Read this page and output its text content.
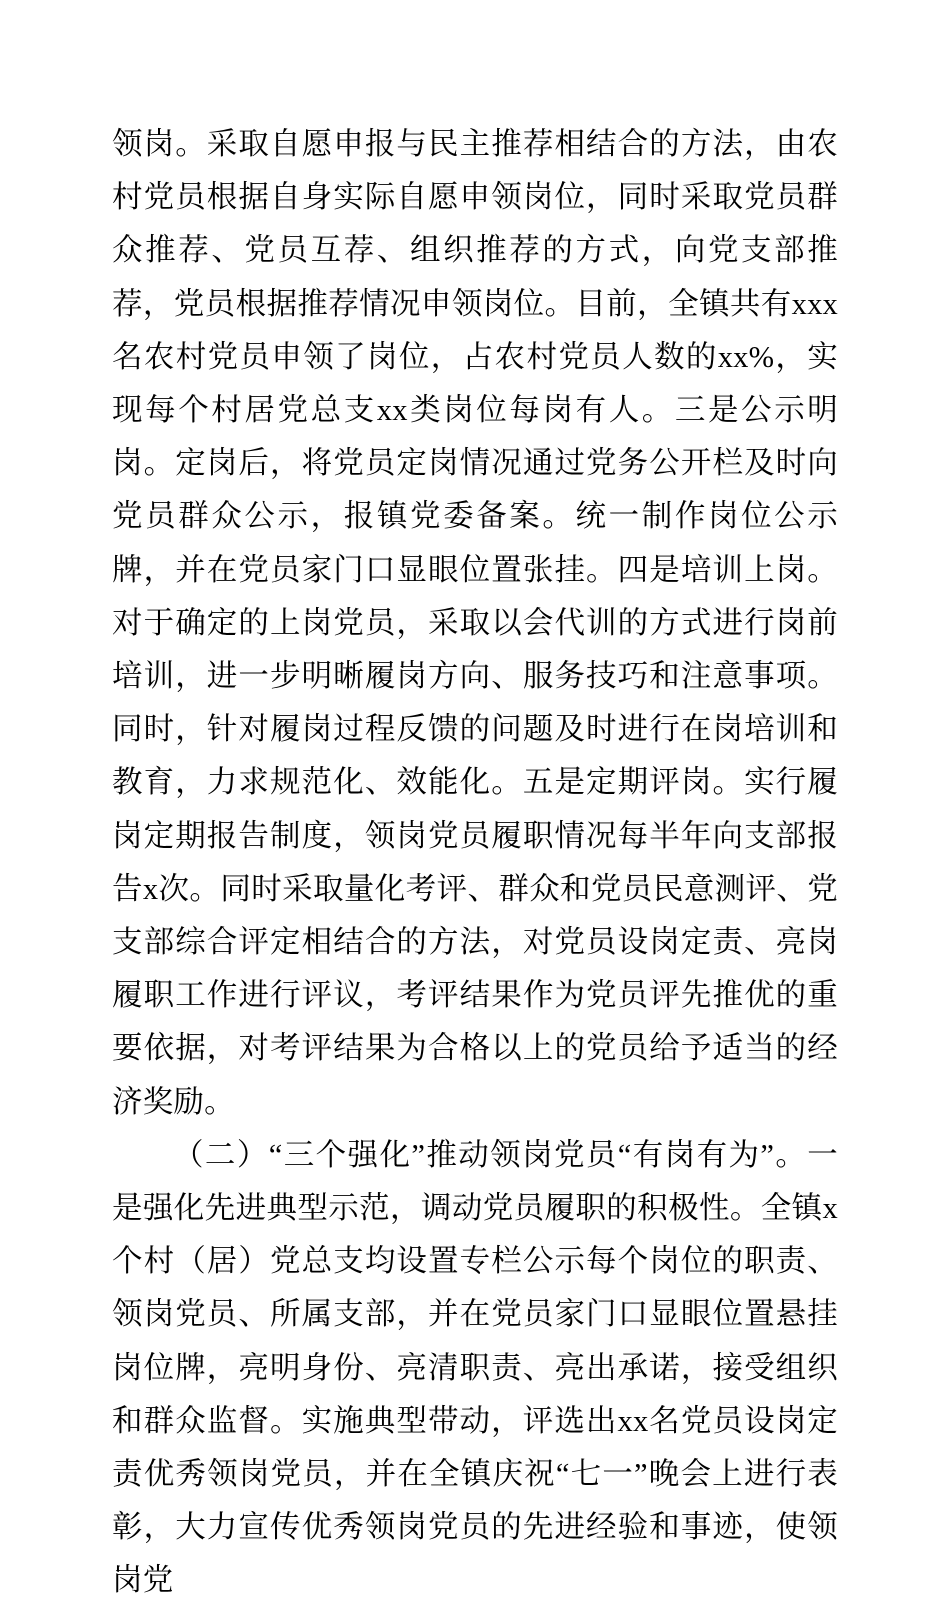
领岗。采取自愿申报与民主推荐相结合的方法，由农村党员根据自身实际自愿申领岗位，同时采取党员群众推荐、党员互荐、组织推荐的方式，向党支部推荐，党员根据推荐情况申领岗位。目前，全镇共有xxx名农村党员申领了岗位，占农村党员人数的xx%，实现每个村居党总支xx类岗位每岗有人。三是公示明岗。定岗后，将党员定岗情况通过党务公开栏及时向党员群众公示，报镇党委备案。统一制作岗位公示牌，并在党员家门口显眼位置张挂。四是培训上岗。对于确定的上岗党员，采取以会代训的方式进行岗前培训，进一步明晰履岗方向、服务技巧和注意事项。同时，针对履岗过程反馈的问题及时进行在岗培训和教育，力求规范化、效能化。五是定期评岗。实行履岗定期报告制度，领岗党员履职情况每半年向支部报告x次。同时采取量化考评、群众和党员民意测评、党支部综合评定相结合的方法，对党员设岗定责、亮岗履职工作进行评议，考评结果作为党员评先推优的重要依据，对考评结果为合格以上的党员给予适当的经济奖励。

（二）“三个强化”推动领岗党员“有岗有为”。一是强化先进典型示范，调动党员履职的积极性。全镇x个村（居）党总支均设置专栏公示每个岗位的职责、领岗党员、所属支部，并在党员家门口显眼位置悬挂岗位牌，亮明身份、亮清职责、亮出承诺，接受组织和群众监督。实施典型带动，评选出xx名党员设岗定责优秀领岗党员，并在全镇庆祝“七一”晚会上进行表彰，大力宣传优秀领岗党员的先进经验和事迹，使领岗党
